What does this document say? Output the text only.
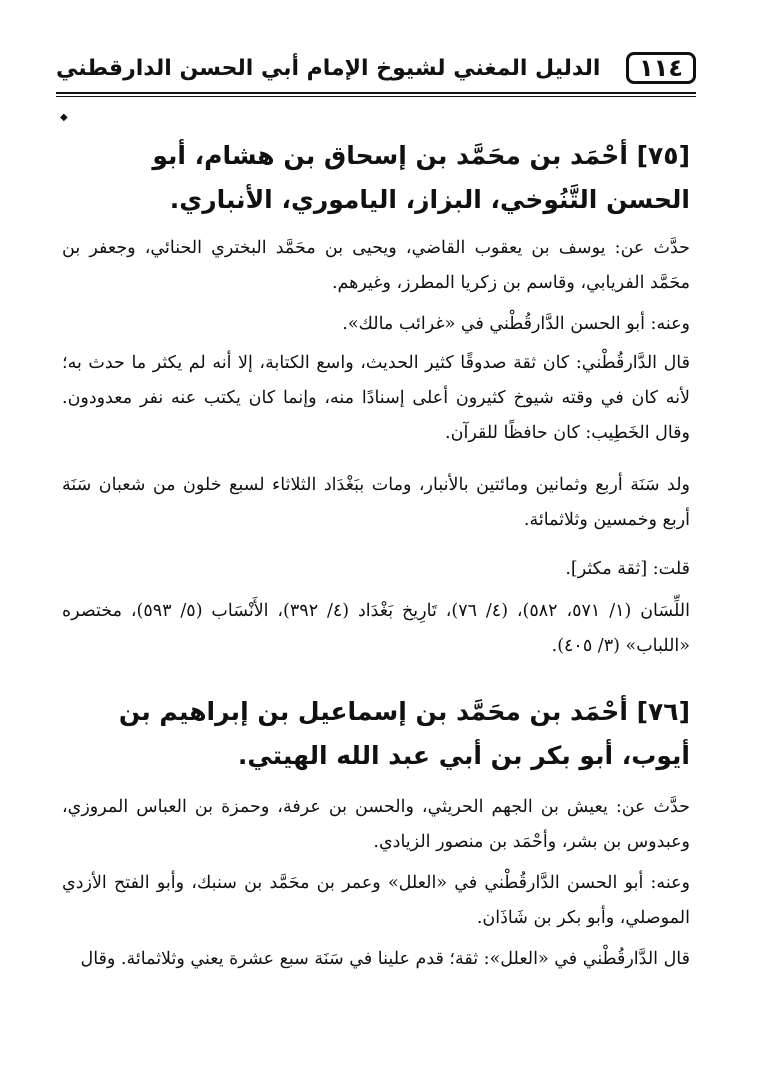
١١٤
الدليل المغني لشيوخ الإمام أبي الحسن الدارقطني
◆
[٧٥] أحْمَد بن محَمَّد بن إسحاق بن هشام، أبو الحسن التَّنُوخي، البزاز، الياموري، الأنباري.
حدَّث عن: يوسف بن يعقوب القاضي، ويحيى بن محَمَّد البختري الحنائي، وجعفر بن محَمَّد الفريابي، وقاسم بن زكريا المطرز، وغيرهم.
وعنه: أبو الحسن الدَّارقُطْني في «غرائب مالك».
قال الدَّارقُطْني: كان ثقة صدوقًا كثير الحديث، واسع الكتابة، إلا أنه لم يكثر ما حدث به؛ لأنه كان في وقته شيوخ كثيرون أعلى إسنادًا منه، وإنما كان يكتب عنه نفر معدودون. وقال الخَطِيب: كان حافظًا للقرآن.
ولد سَنَة أربع وثمانين ومائتين بالأنبار، ومات ببَغْدَاد الثلاثاء لسبع خلون من شعبان سَنَة أربع وخمسين وثلاثمائة.
قلت: [ثقة مكثر].
اللِّسَان (١/ ٥٧١، ٥٨٢)، (٤/ ٧٦)، تَارِيخ بَغْدَاد (٤/ ٣٩٢)، الأَنْسَاب (٥/ ٥٩٣)، مختصره «اللباب» (٣/ ٤٠٥).
[٧٦] أحْمَد بن محَمَّد بن إسماعيل بن إبراهيم بن أيوب، أبو بكر بن أبي عبد الله الهيتي.
حدَّث عن: يعيش بن الجهم الحريثي، والحسن بن عرفة، وحمزة بن العباس المروزي، وعبدوس بن بشر، وأحْمَد بن منصور الزيادي.
وعنه: أبو الحسن الدَّارقُطْني في «العلل» وعمر بن محَمَّد بن سنبك، وأبو الفتح الأزدي الموصلي، وأبو بكر بن شَاذَان.
قال الدَّارقُطْني في «العلل»: ثقة؛ قدم علينا في سَنَة سبع عشرة يعني وثلاثمائة. وقال
